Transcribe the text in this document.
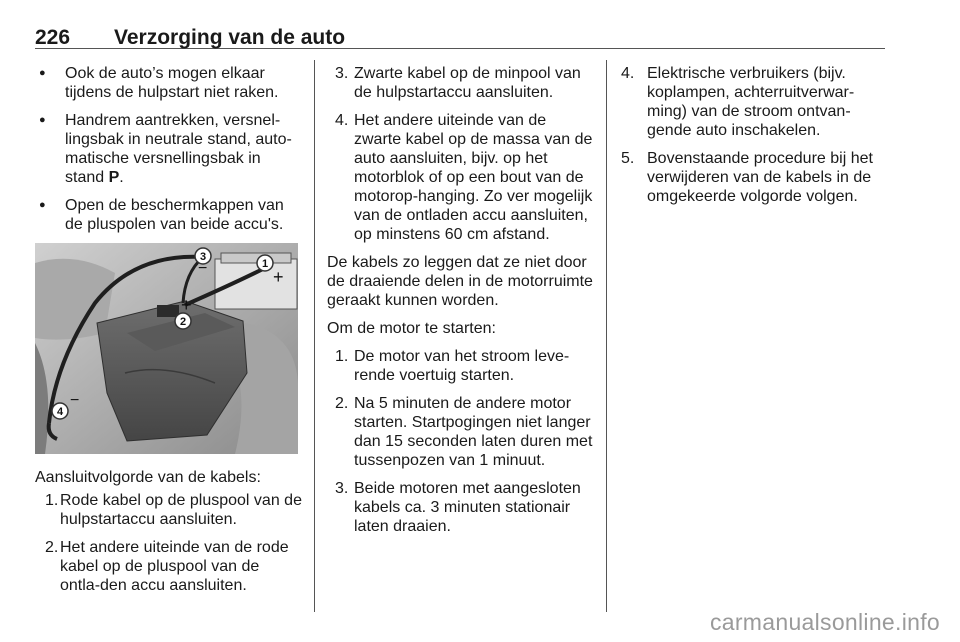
226 Verzorging van de auto
● Ook de auto’s mogen elkaar tijdens de hulpstart niet raken.
● Handrem aantrekken, versnel-lingsbak in neutrale stand, auto-matische versnellingsbak in stand P.
● Open de beschermkappen van de pluspolen van beide accu's.
1
+
3
−
2
+
4
−
Aansluitvolgorde van de kabels:
1. Rode kabel op de pluspool van de hulpstartaccu aansluiten.
2. Het andere uiteinde van de rode kabel op de pluspool van de ontla-den accu aansluiten.
3. Zwarte kabel op de minpool van de hulpstartaccu aansluiten.
4. Het andere uiteinde van de zwarte kabel op de massa van de auto aansluiten, bijv. op het motorblok of op een bout van de motorop-hanging. Zo ver mogelijk van de ontladen accu aansluiten, op minstens 60 cm afstand.
De kabels zo leggen dat ze niet door de draaiende delen in de motorruimte geraakt kunnen worden.
Om de motor te starten:
1. De motor van het stroom leve-rende voertuig starten.
2. Na 5 minuten de andere motor starten. Startpogingen niet langer dan 15 seconden laten duren met tussenpozen van 1 minuut.
3. Beide motoren met aangesloten kabels ca. 3 minuten stationair laten draaien.
4. Elektrische verbruikers (bijv. koplampen, achterruitverwar-ming) van de stroom ontvan-gende auto inschakelen.
5. Bovenstaande procedure bij het verwijderen van de kabels in de omgekeerde volgorde volgen.
carmanualsonline.info
